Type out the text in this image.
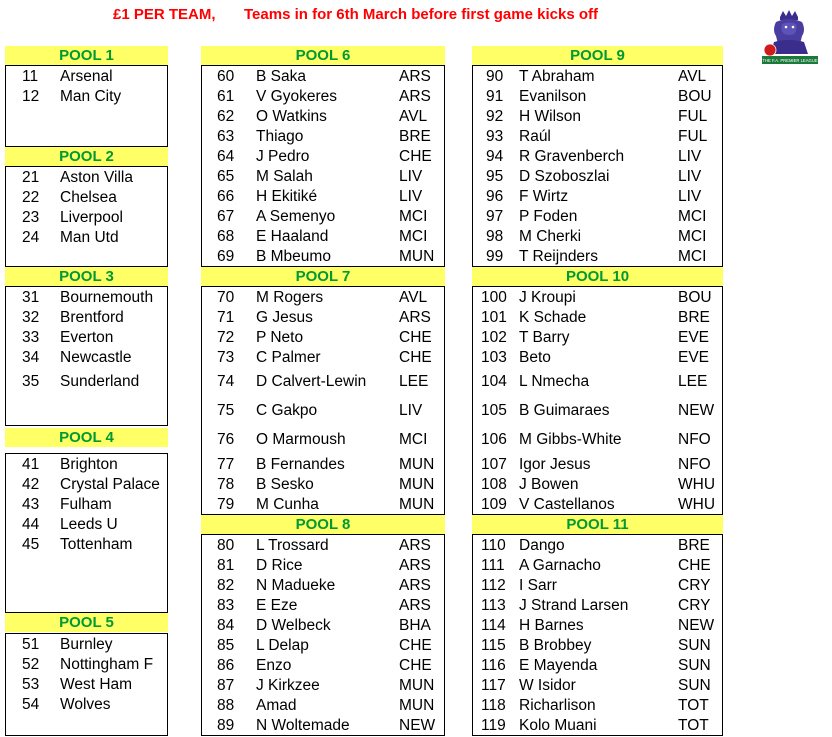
£1 PER TEAM, Teams in for 6th March before first game kicks off
THE F.A. PREMIER LEAGUE
POOL 1
11 Arsenal
12 Man City
POOL 2
21 Aston Villa
22 Chelsea
23 Liverpool
24 Man Utd
POOL 3
31 Bournemouth
32 Brentford
33 Everton
34 Newcastle
35 Sunderland
POOL 4
41 Brighton
42 Crystal Palace
43 Fulham
44 Leeds U
45 Tottenham
POOL 5
51 Burnley
52 Nottingham F
53 West Ham
54 Wolves
POOL 6
60 B Saka	ARS
61 V Gyokeres	ARS
62 O Watkins	AVL
63 Thiago	BRE
64 J Pedro	CHE
65 M Salah	LIV
66 H Ekitiké	LIV
67 A Semenyo	MCI
68 E Haaland	MCI
69 B Mbeumo	MUN
POOL 7
70 M Rogers	AVL
71 G Jesus	ARS
72 P Neto	CHE
73 C Palmer	CHE
74 D Calvert-Lewin LEE
75 C Gakpo	LIV
76 O Marmoush	MCI
77 B Fernandes	MUN
78 B Sesko	MUN
79 M Cunha	MUN
POOL 8
80 L Trossard	ARS
81 D Rice	ARS
82 N Madueke	ARS
83 E Eze	ARS
84 D Welbeck	BHA
85 L Delap	CHE
86 Enzo	CHE
87 J Kirkzee	MUN
88 Amad	MUN
89 N Woltemade	NEW
POOL 9
90 T Abraham	AVL
91 Evanilson	BOU
92 H Wilson	FUL
93 Raúl	FUL
94 R Gravenberch	LIV
95 D Szoboszlai	LIV
96 F Wirtz	LIV
97 P Foden	MCI
98 M Cherki	MCI
99 T Reijnders	MCI
POOL 10
100 J Kroupi	BOU
101 K Schade	BRE
102 T Barry	EVE
103 Beto	EVE
104 L Nmecha	LEE
105 B Guimaraes	NEW
106 M Gibbs-White	NFO
107 Igor Jesus	NFO
108 J Bowen	WHU
109 V Castellanos	WHU
POOL 11
110 Dango	BRE
111 A Garnacho	CHE
112 I Sarr	CRY
113 J Strand Larsen	CRY
114 H Barnes	NEW
115 B Brobbey	SUN
116 E Mayenda	SUN
117 W Isidor	SUN
118 Richarlison	TOT
119 Kolo Muani	TOT
